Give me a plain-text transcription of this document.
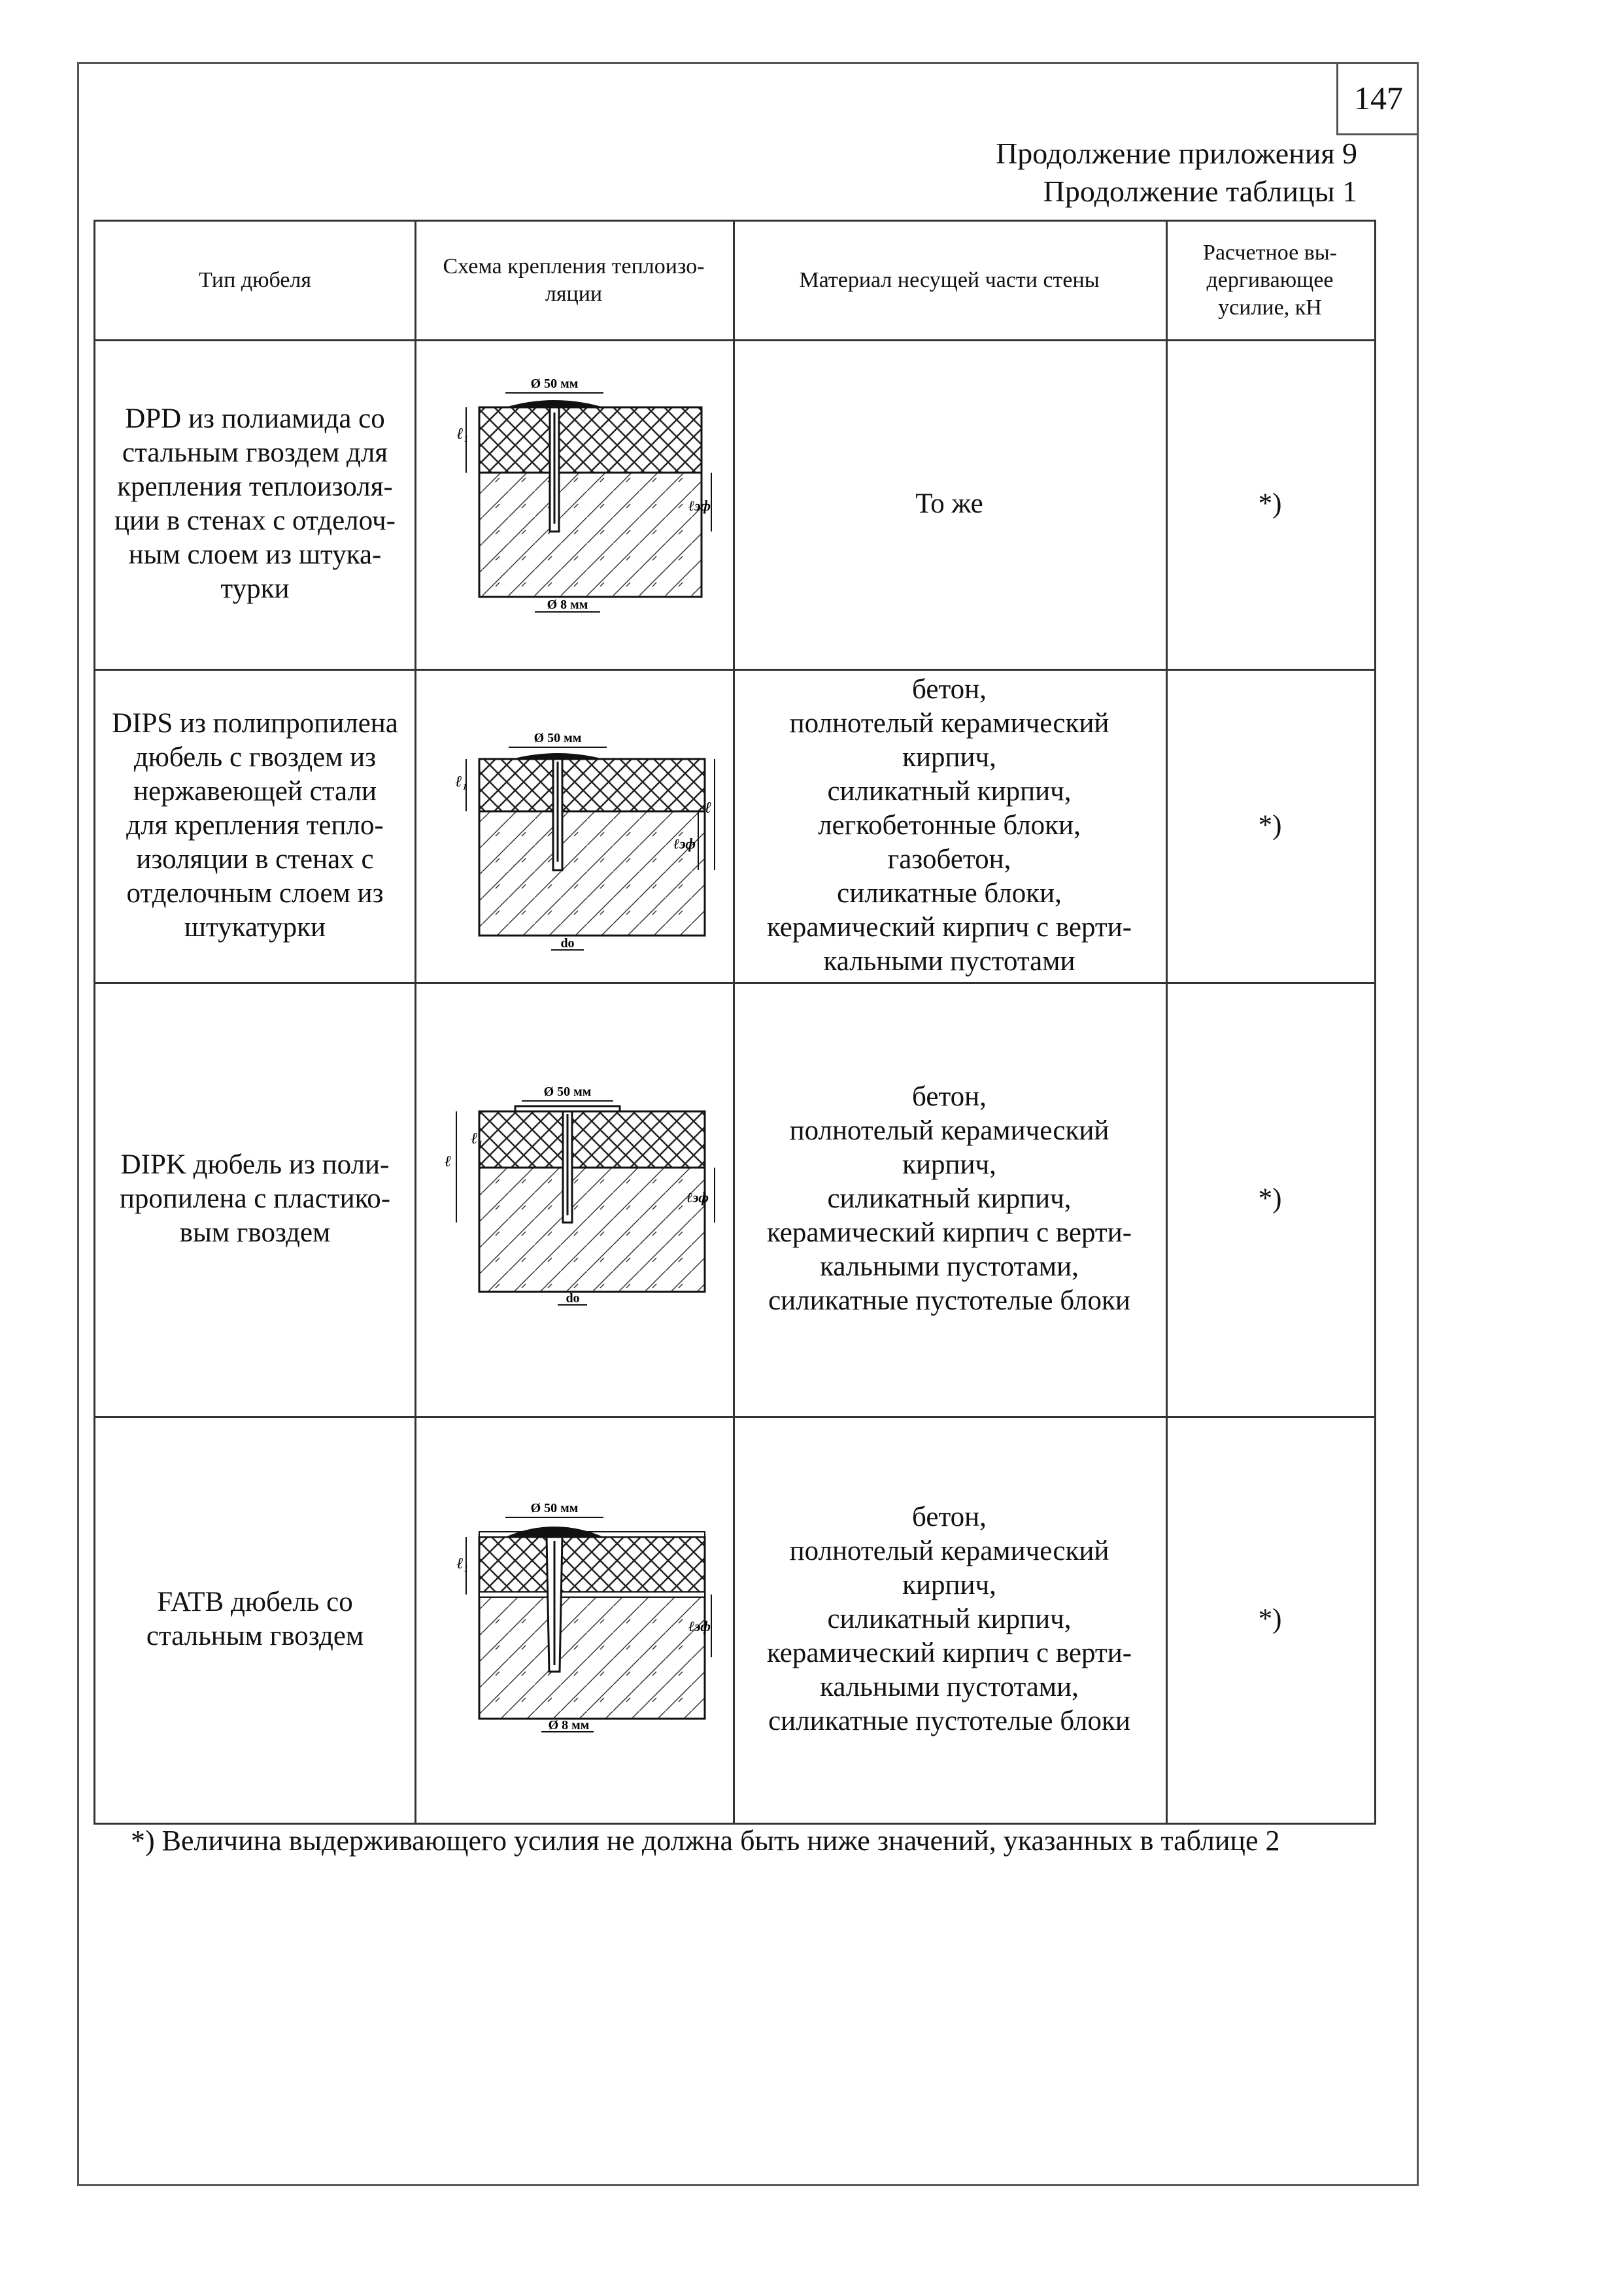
147
Продолжение приложения 9
Продолжение таблицы 1
Тип дюбеля
Схема крепления теплоизо-
ляции
Материал несущей части стены
Расчетное вы-
дергивающее
усилие, кН
DPD из полиамида со
стальным гвоздем для
крепления теплоизоля-
ции в стенах с отделоч-
ным слоем из штука-
турки
Ø 50 мм
ℓ₁
ℓэф
Ø 8 мм
То же	*)
DIPS из полипропилена
дюбель с гвоздем из
нержавеющей стали
для крепления тепло-
изоляции в стенах с
отделочным слоем из
штукатурки
Ø 50 мм
ℓ₁
ℓэф
ℓ
do
бетон,
полнотелый керамический
кирпич,
силикатный кирпич,
легкобетонные блоки,
газобетон,
силикатные блоки,
керамический кирпич с верти-
кальными пустотами
*)
DIPK дюбель из поли-
пропилена с пластико-
вым гвоздем
Ø 50 мм
ℓ₁
ℓ
ℓэф
do
бетон,
полнотелый керамический
кирпич,
силикатный кирпич,
керамический кирпич с верти-
кальными пустотами,
силикатные пустотелые блоки
*)
FATB дюбель со
стальным гвоздем
Ø 50 мм
ℓ₁
ℓэф
Ø 8 мм
бетон,
полнотелый керамический
кирпич,
силикатный кирпич,
керамический кирпич с верти-
кальными пустотами,
силикатные пустотелые блоки
*)
*) Величина выдерживающего усилия не должна быть ниже значений, указанных в таблице 2
